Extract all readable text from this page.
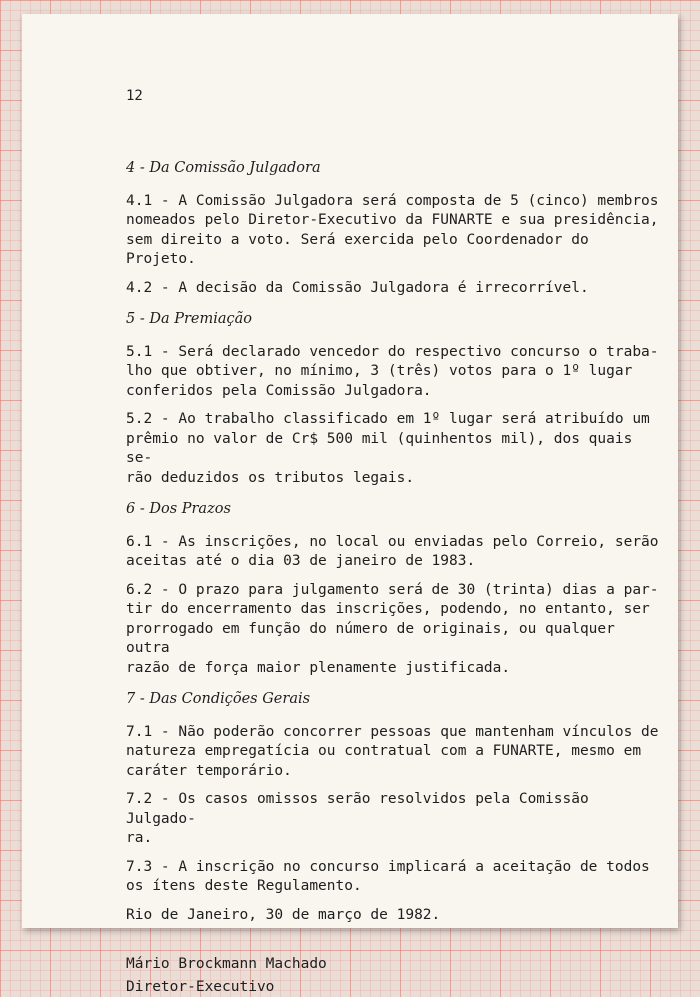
12

4 - Da Comissão Julgadora

4.1 - A Comissão Julgadora será composta de 5 (cinco) membros
nomeados pelo Diretor-Executivo da FUNARTE e sua presidência,
sem direito a voto. Será exercida pelo Coordenador do Projeto.

4.2 - A decisão da Comissão Julgadora é irrecorrível.

5 - Da Premiação

5.1 - Será declarado vencedor do respectivo concurso o traba-
lho que obtiver, no mínimo, 3 (três) votos para o 1º lugar
conferidos pela Comissão Julgadora.

5.2 - Ao trabalho classificado em 1º lugar será atribuído um
prêmio no valor de Cr$ 500 mil (quinhentos mil), dos quais se-
rão deduzidos os tributos legais.

6 - Dos Prazos

6.1 - As inscrições, no local ou enviadas pelo Correio, serão
aceitas até o dia 03 de janeiro de 1983.

6.2 - O prazo para julgamento será de 30 (trinta) dias a par-
tir do encerramento das inscrições, podendo, no entanto, ser
prorrogado em função do número de originais, ou qualquer outra
razão de força maior plenamente justificada.

7 - Das Condições Gerais

7.1 - Não poderão concorrer pessoas que mantenham vínculos de
natureza empregatícia ou contratual com a FUNARTE, mesmo em
caráter temporário.

7.2 - Os casos omissos serão resolvidos pela Comissão Julgado-
ra.

7.3 - A inscrição no concurso implicará a aceitação de todos
os ítens deste Regulamento.

Rio de Janeiro, 30 de março de 1982.

Mário Brockmann Machado

Diretor-Executivo
